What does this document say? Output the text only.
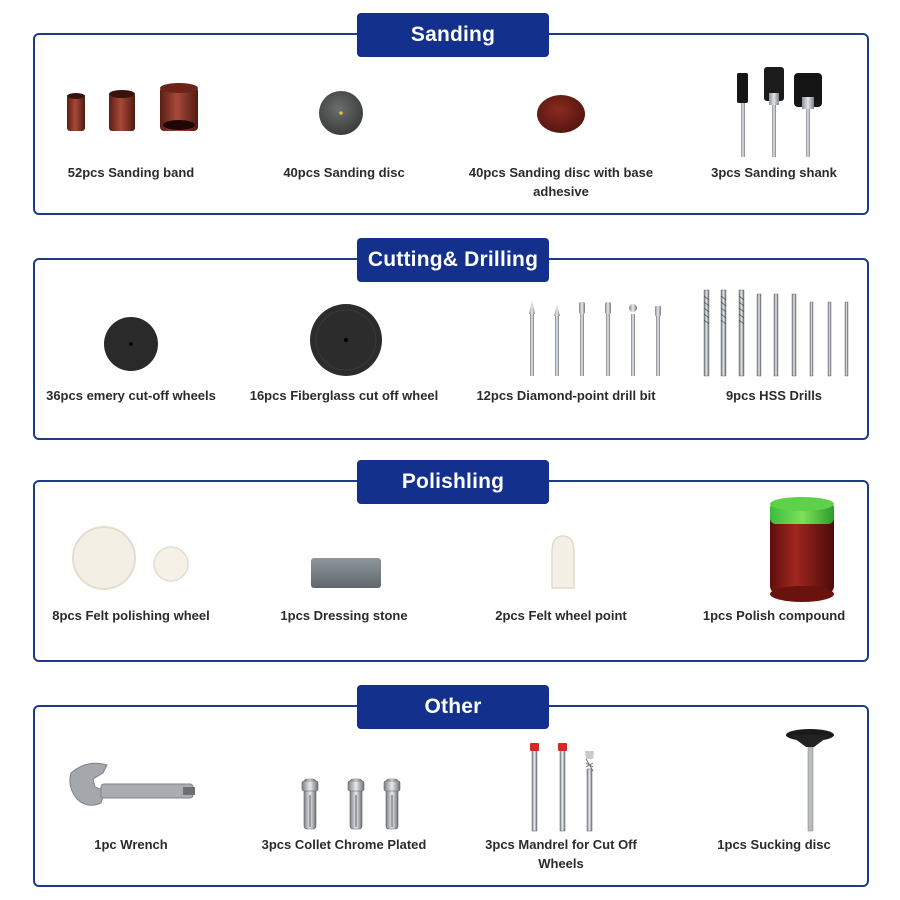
Sanding
52pcs Sanding band	40pcs Sanding disc	40pcs Sanding disc with base adhesive
3pcs Sanding shank
Cutting& Drilling
36pcs emery cut-off wheels	16pcs Fiberglass cut off wheel	12pcs Diamond-point drill bit	9pcs HSS Drills
Polishling
8pcs Felt polishing wheel	1pcs Dressing stone	2pcs Felt wheel point	1pcs Polish compound
Other
1pc Wrench	3pcs Collet Chrome Plated	3pcs Mandrel for Cut Off Wheels
1pcs Sucking disc
